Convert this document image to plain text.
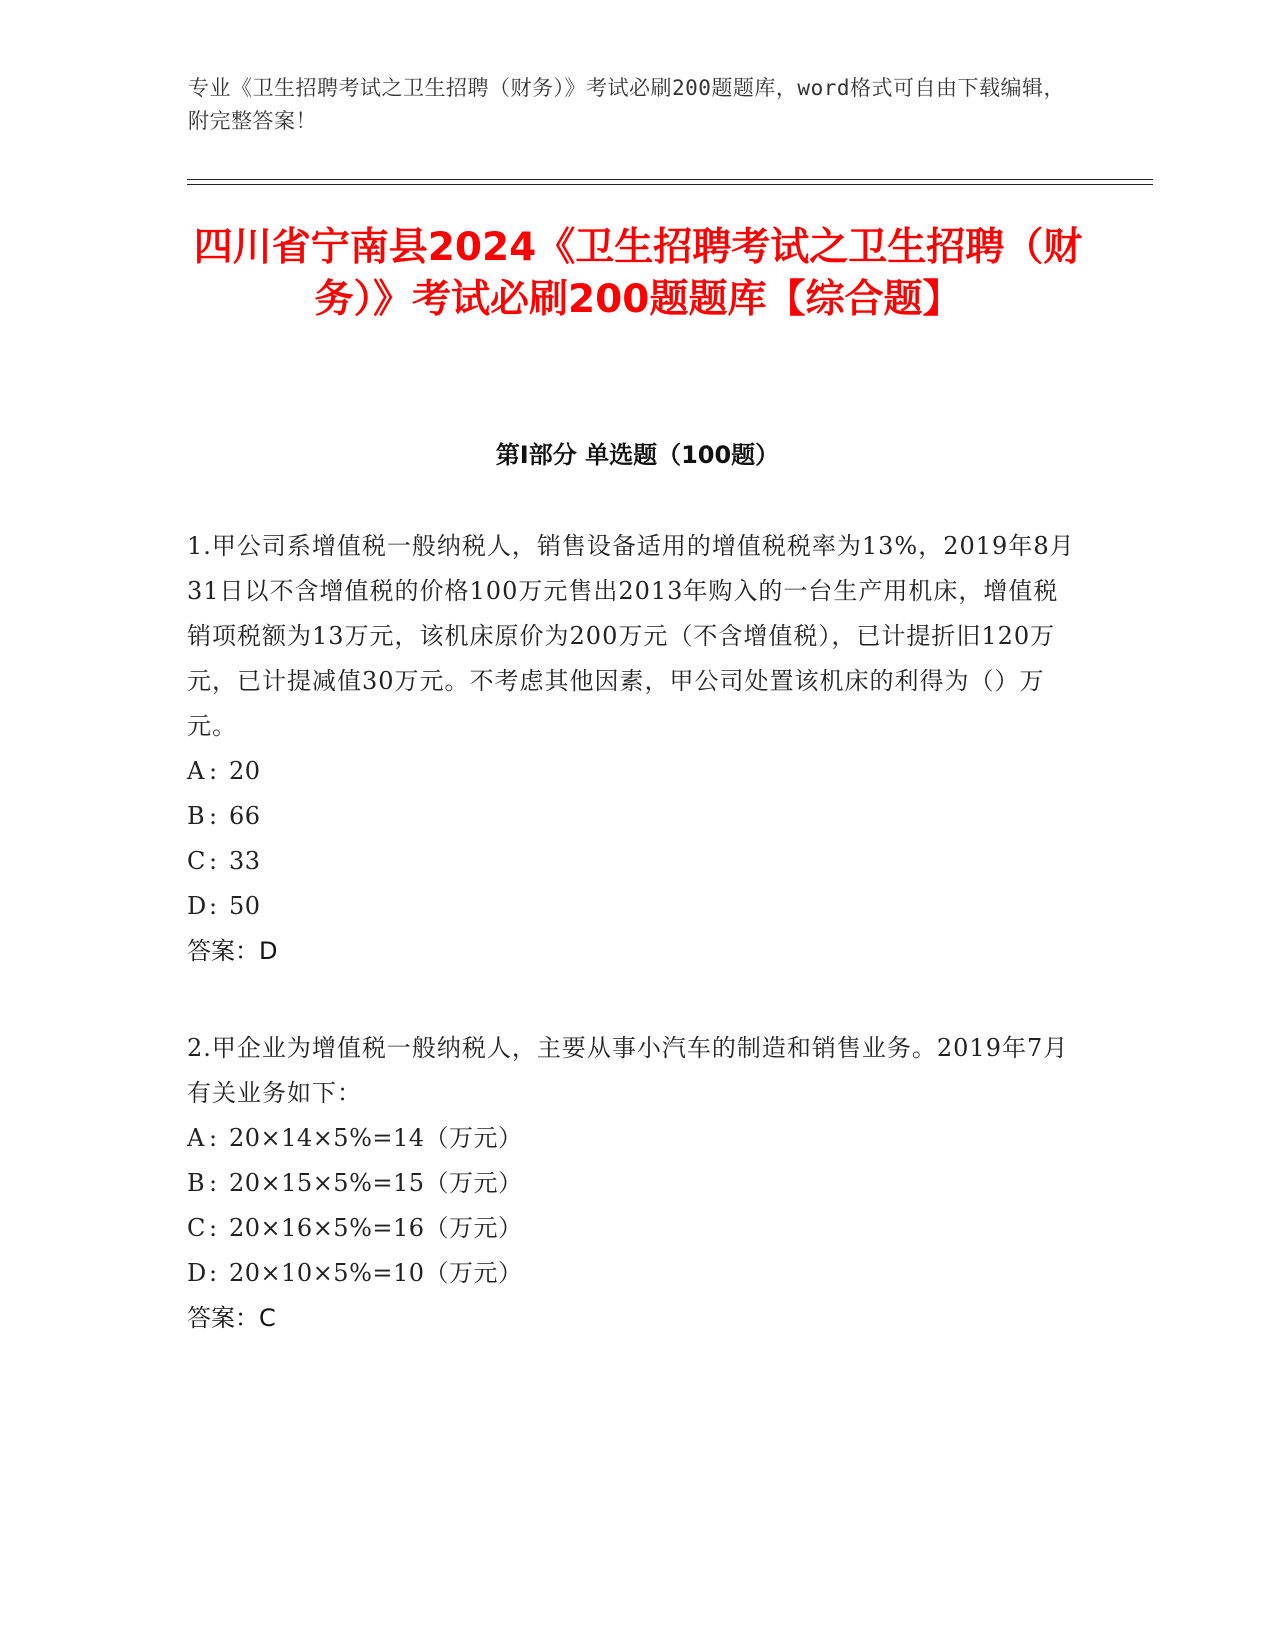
专业《卫生招聘考试之卫生招聘（财务）》考试必刷200题题库，word格式可自由下载编辑，附完整答案！
四川省宁南县2024《卫生招聘考试之卫生招聘（财务）》考试必刷200题题库【综合题】
第I部分 单选题（100题）

1.甲公司系增值税一般纳税人，销售设备适用的增值税税率为13%，2019年8月31日以不含增值税的价格100万元售出2013年购入的一台生产用机床，增值税销项税额为13万元，该机床原价为200万元（不含增值税），已计提折旧120万元，已计提减值30万元。不考虑其他因素，甲公司处置该机床的利得为（）万元。

A : 20
B : 66
C : 33
D: 50
答案：D

2.甲企业为增值税一般纳税人，主要从事小汽车的制造和销售业务。2019年7月有关业务如下：

A : 20×14×5%=14（万元）
B : 20×15×5%=15（万元）
C : 20×16×5%=16（万元）
D: 20×10×5%=10（万元）
答案：C
